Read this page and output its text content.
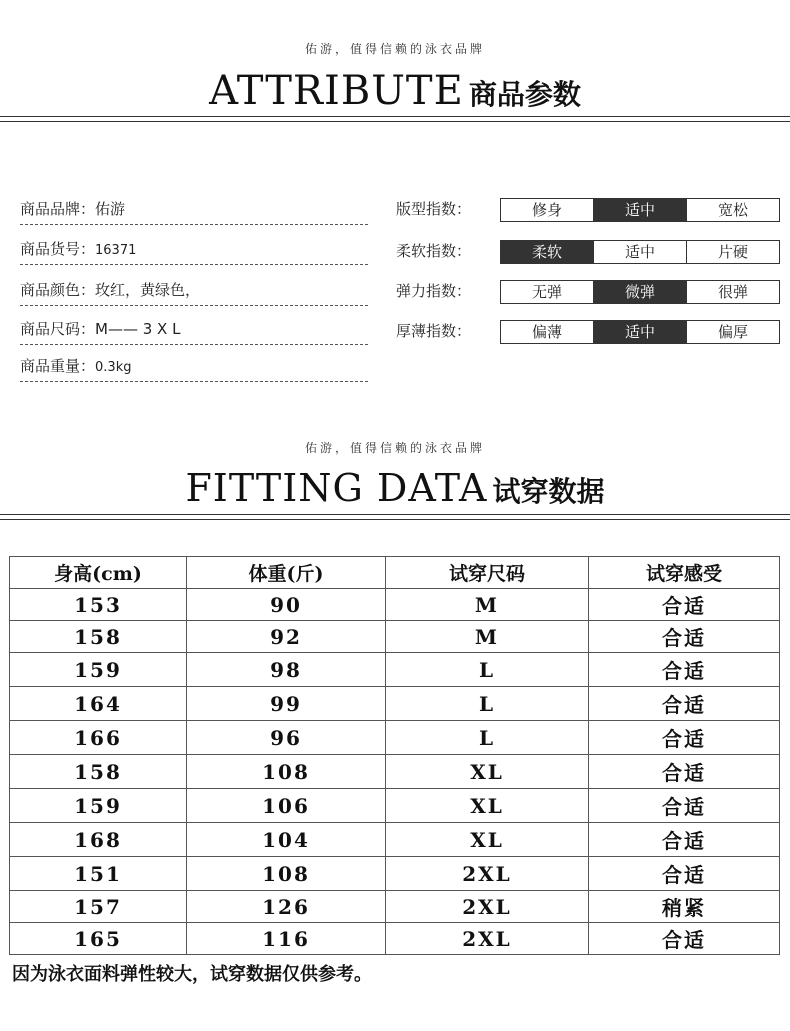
佑游，值得信赖的泳衣品牌
ATTRIBUTE 商品参数
商品品牌：佑游
商品货号：16371
商品颜色：玫红，黄绿色，
商品尺码：M—— 3 X L
商品重量：0.3kg
版型指数：	修身	适中	宽松
柔软指数：	柔软	适中	片硬
弹力指数：	无弹	微弹	很弹
厚薄指数：	偏薄	适中	偏厚
佑游，值得信赖的泳衣品牌
FITTING DATA 试穿数据
身高(cm)	体重(斤)	试穿尺码	试穿感受
153	90	M	合适
158	92	M	合适
159	98	L	合适
164	99	L	合适
166	96	L	合适
158	108	XL	合适
159	106	XL	合适
168	104	XL	合适
151	108	2XL	合适
157	126	2XL	稍紧
165	116	2XL	合适
因为泳衣面料弹性较大，试穿数据仅供参考。
